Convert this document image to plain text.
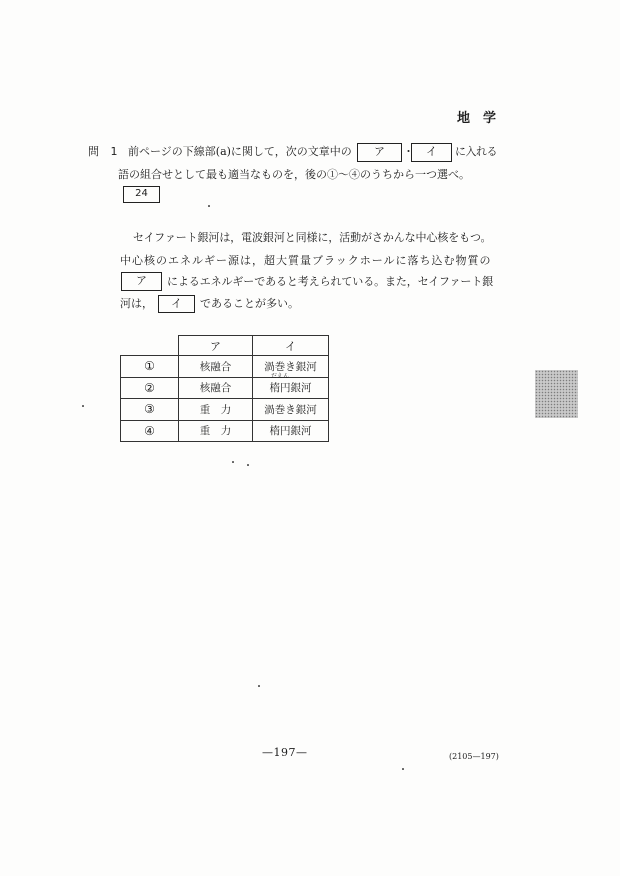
地　学
問 1 前ページの下線部(a)に関して，次の文章中の	ア	・	イ	に入れる
語の組合せとして最も適当なものを，後の①～④のうちから一つ選べ。
24
セイファート銀河は，電波銀河と同様に，活動がさかんな中心核をもつ。
中心核のエネルギー源は，超大質量ブラックホールに落ち込む物質の
ア	によるエネルギーであると考えられている。また，セイファート銀
河は，	イ	であることが多い。
	ア	イ
①	核融合	渦巻き銀河
②	核融合	楕円銀河
だえん

③	重　力	渦巻き銀河
④	重　力	楕円銀河
—197—	(2105—197)
